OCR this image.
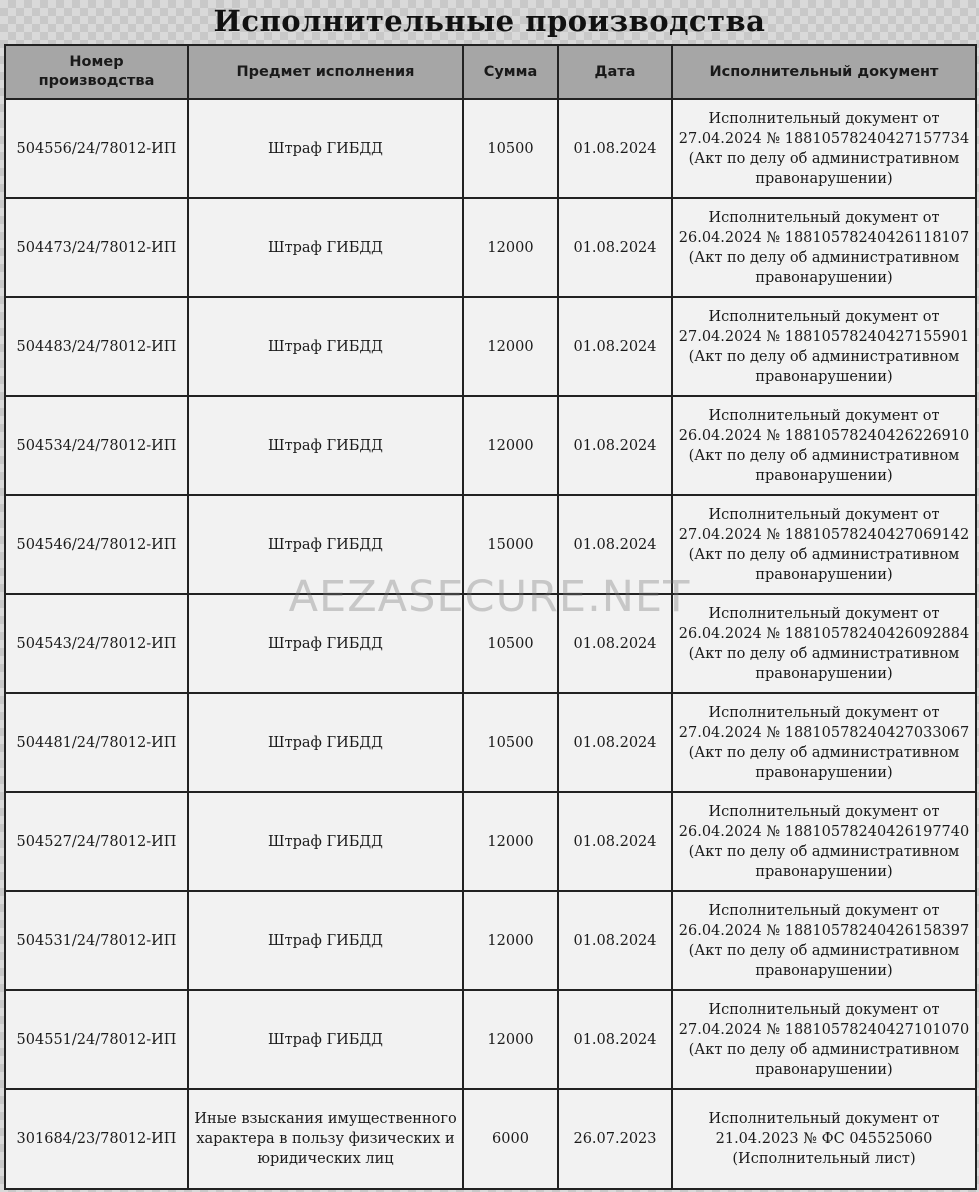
Исполнительные производства
Номер производства	Предмет исполнения	Сумма	Дата	Исполнительный документ
504556/24/78012-ИП	Штраф ГИБДД	10500	01.08.2024	Исполнительный документ от 27.04.2024 № 18810578240427157734 (Акт по делу об административном правонарушении)
504473/24/78012-ИП	Штраф ГИБДД	12000	01.08.2024	Исполнительный документ от 26.04.2024 № 18810578240426118107 (Акт по делу об административном правонарушении)
504483/24/78012-ИП	Штраф ГИБДД	12000	01.08.2024	Исполнительный документ от 27.04.2024 № 18810578240427155901 (Акт по делу об административном правонарушении)
504534/24/78012-ИП	Штраф ГИБДД	12000	01.08.2024	Исполнительный документ от 26.04.2024 № 18810578240426226910 (Акт по делу об административном правонарушении)
504546/24/78012-ИП	Штраф ГИБДД	15000	01.08.2024	Исполнительный документ от 27.04.2024 № 18810578240427069142 (Акт по делу об административном правонарушении)
504543/24/78012-ИП	Штраф ГИБДД	10500	01.08.2024	Исполнительный документ от 26.04.2024 № 18810578240426092884 (Акт по делу об административном правонарушении)
504481/24/78012-ИП	Штраф ГИБДД	10500	01.08.2024	Исполнительный документ от 27.04.2024 № 18810578240427033067 (Акт по делу об административном правонарушении)
504527/24/78012-ИП	Штраф ГИБДД	12000	01.08.2024	Исполнительный документ от 26.04.2024 № 18810578240426197740 (Акт по делу об административном правонарушении)
504531/24/78012-ИП	Штраф ГИБДД	12000	01.08.2024	Исполнительный документ от 26.04.2024 № 18810578240426158397 (Акт по делу об административном правонарушении)
504551/24/78012-ИП	Штраф ГИБДД	12000	01.08.2024	Исполнительный документ от 27.04.2024 № 18810578240427101070 (Акт по делу об административном правонарушении)
301684/23/78012-ИП	Иные взыскания имущественного характера в пользу физических и юридических лиц	6000	26.07.2023	Исполнительный документ от 21.04.2023 № ФС 045525060 (Исполнительный лист)
AEZASECURE.NET
